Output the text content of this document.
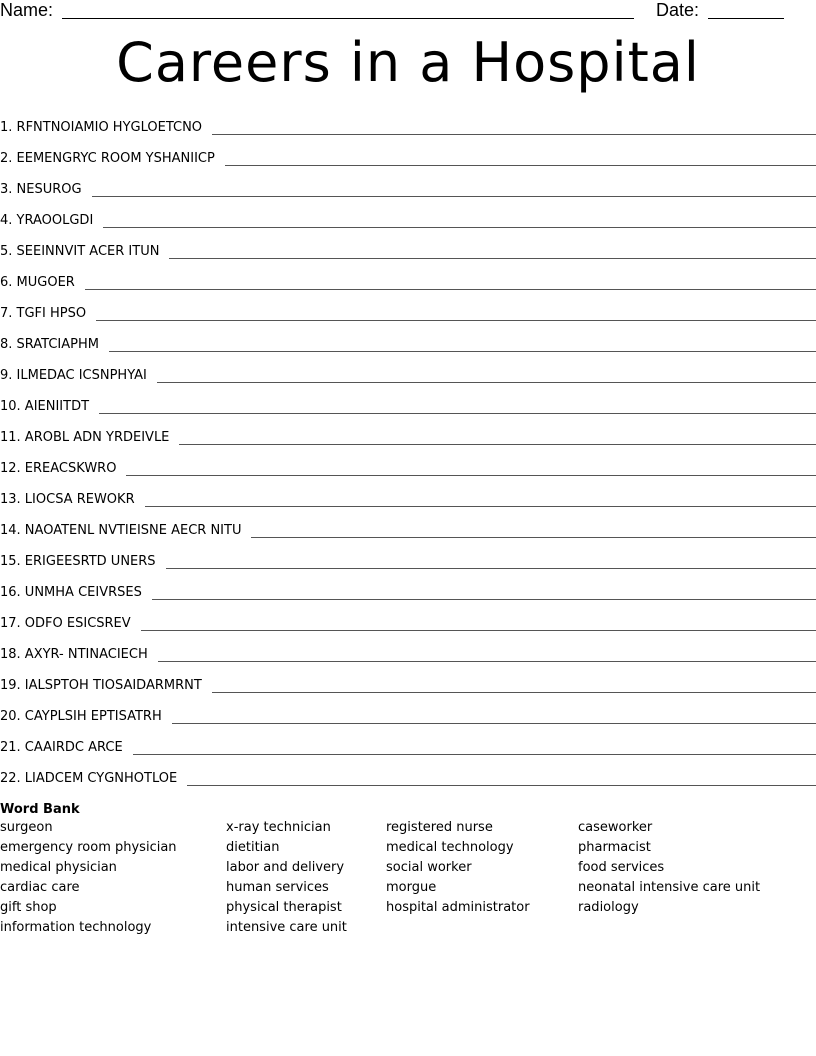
Name:	Date:
Careers in a Hospital
1. RFNTNOIAMIO HYGLOETCNO
2. EEMENGRYC ROOM YSHANIICP
3. NESUROG
4. YRAOOLGDI
5. SEEINNVIT ACER ITUN
6. MUGOER
7. TGFI HPSO
8. SRATCIAPHM
9. ILMEDAC ICSNPHYAI
10. AIENIITDT
11. AROBL ADN YRDEIVLE
12. EREACSKWRO
13. LIOCSA REWOKR
14. NAOATENL NVTIEISNE AECR NITU
15. ERIGEESRTD UNERS
16. UNMHA CEIVRSES
17. ODFO ESICSREV
18. AXYR- NTINACIECH
19. IALSPTOH TIOSAIDARMRNT
20. CAYPLSIH EPTISATRH
21. CAAIRDC ARCE
22. LIADCEM CYGNHOTLOE
Word Bank
surgeon
emergency room physician
medical physician
cardiac care
gift shop
information technology
x-ray technician
dietitian
labor and delivery
human services
physical therapist
intensive care unit
registered nurse
medical technology
social worker
morgue
hospital administrator
caseworker
pharmacist
food services
neonatal intensive care unit
radiology
